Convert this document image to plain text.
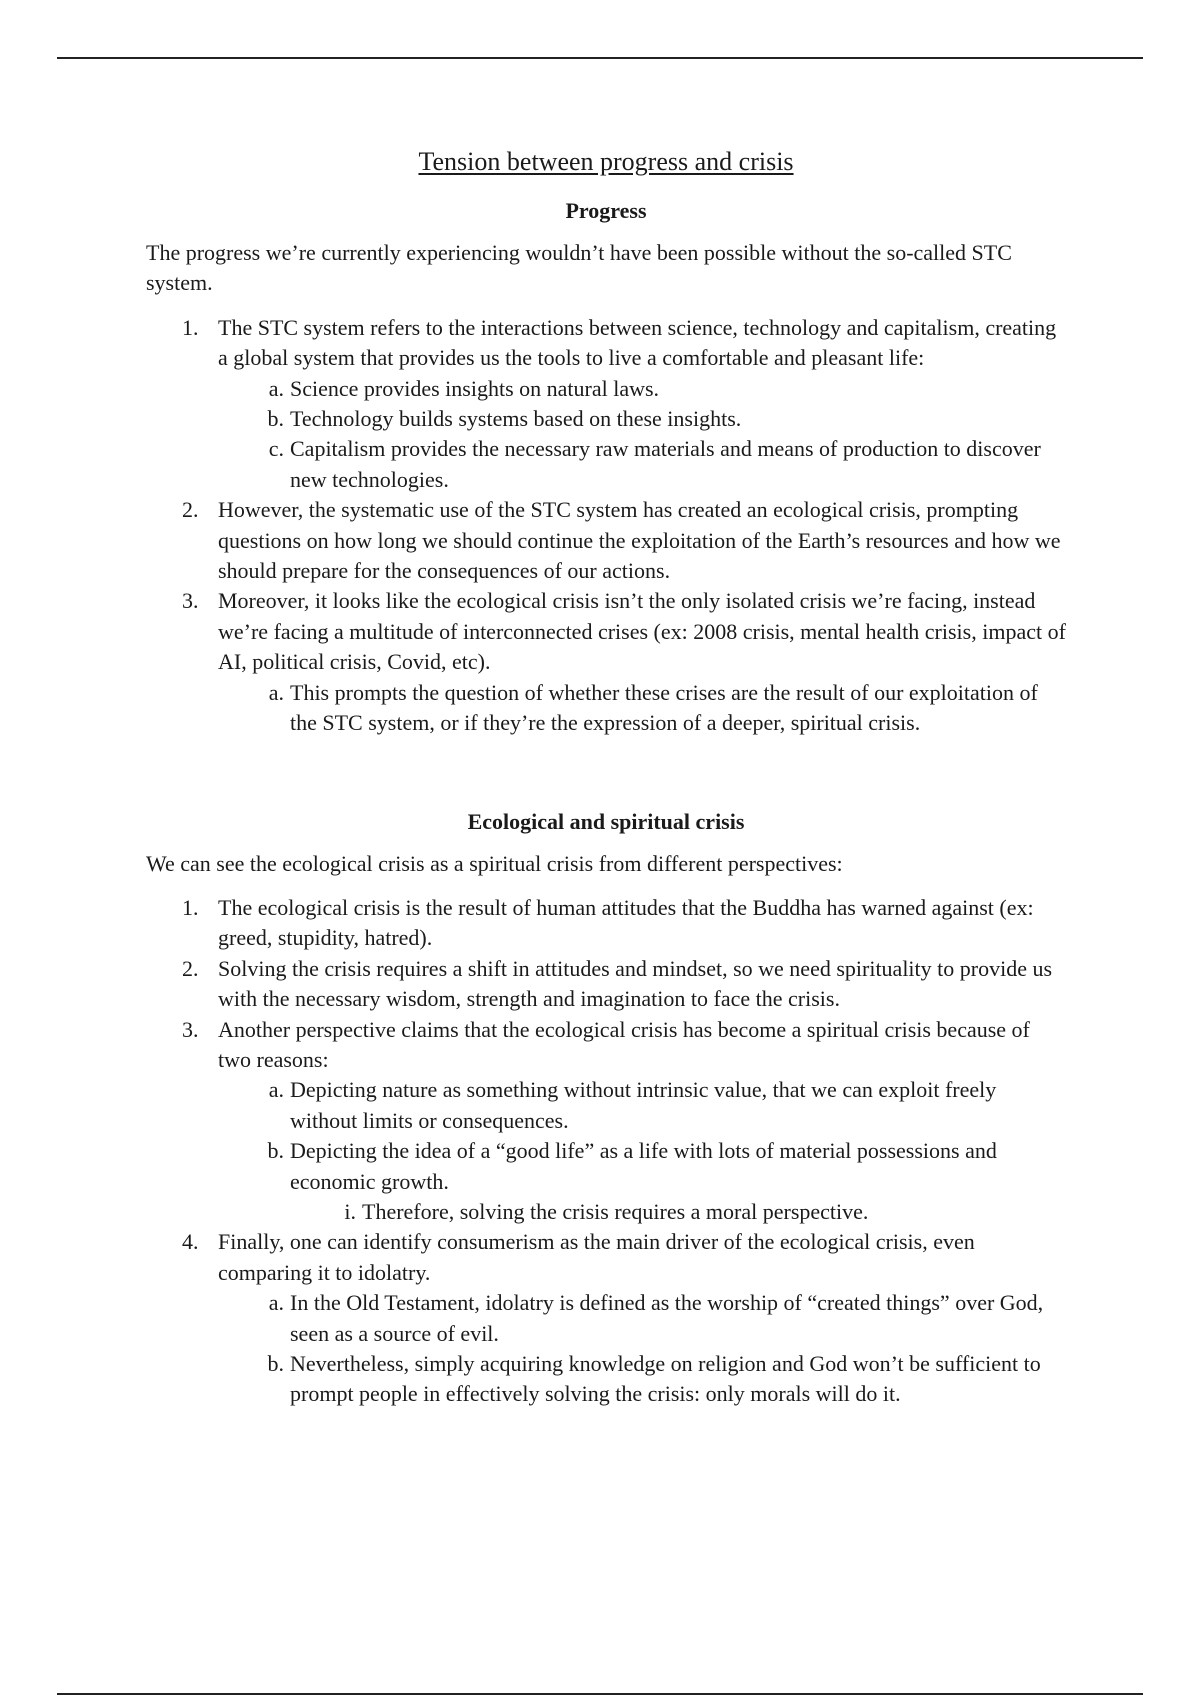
Tension between progress and crisis
Progress

The progress we’re currently experiencing wouldn’t have been possible without the so-called STC system.

1. The STC system refers to the interactions between science, technology and capitalism, creating a global system that provides us the tools to live a comfortable and pleasant life:
a. Science provides insights on natural laws.
b. Technology builds systems based on these insights.
c. Capitalism provides the necessary raw materials and means of production to discover new technologies.
2. However, the systematic use of the STC system has created an ecological crisis, prompting questions on how long we should continue the exploitation of the Earth’s resources and how we should prepare for the consequences of our actions.
3. Moreover, it looks like the ecological crisis isn’t the only isolated crisis we’re facing, instead we’re facing a multitude of interconnected crises (ex: 2008 crisis, mental health crisis, impact of AI, political crisis, Covid, etc).
a. This prompts the question of whether these crises are the result of our exploitation of the STC system, or if they’re the expression of a deeper, spiritual crisis.
Ecological and spiritual crisis

We can see the ecological crisis as a spiritual crisis from different perspectives:

1. The ecological crisis is the result of human attitudes that the Buddha has warned against (ex: greed, stupidity, hatred).
2. Solving the crisis requires a shift in attitudes and mindset, so we need spirituality to provide us with the necessary wisdom, strength and imagination to face the crisis.
3. Another perspective claims that the ecological crisis has become a spiritual crisis because of two reasons:
a. Depicting nature as something without intrinsic value, that we can exploit freely without limits or consequences.
b. Depicting the idea of a “good life” as a life with lots of material possessions and economic growth.
i. Therefore, solving the crisis requires a moral perspective.
4. Finally, one can identify consumerism as the main driver of the ecological crisis, even comparing it to idolatry.
a. In the Old Testament, idolatry is defined as the worship of “created things” over God, seen as a source of evil.
b. Nevertheless, simply acquiring knowledge on religion and God won’t be sufficient to prompt people in effectively solving the crisis: only morals will do it.
